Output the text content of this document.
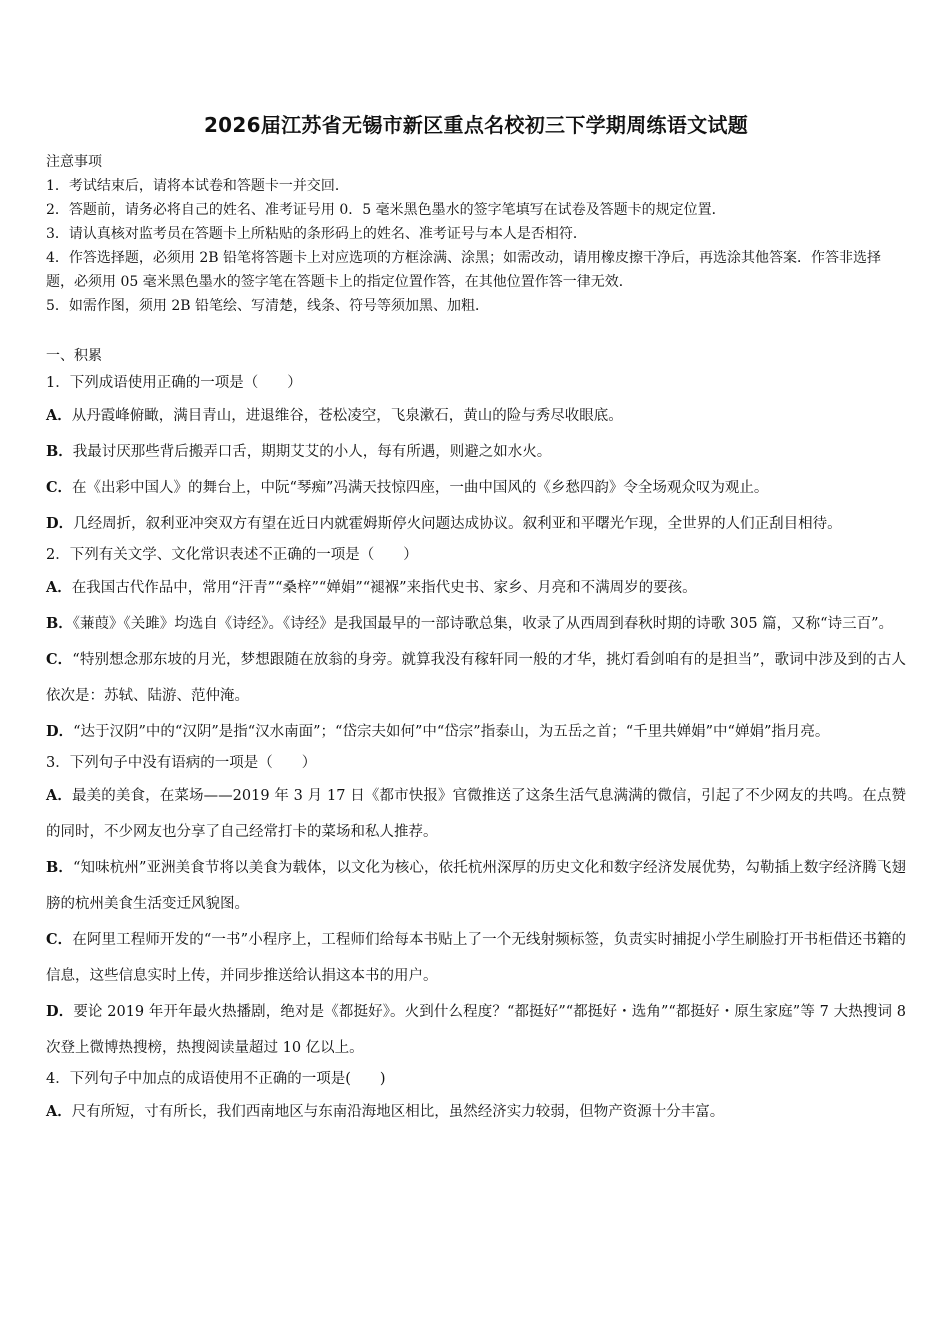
2026届江苏省无锡市新区重点名校初三下学期周练语文试题

注意事项

1．考试结束后，请将本试卷和答题卡一并交回．

2．答题前，请务必将自己的姓名、准考证号用 0．5 毫米黑色墨水的签字笔填写在试卷及答题卡的规定位置．

3．请认真核对监考员在答题卡上所粘贴的条形码上的姓名、准考证号与本人是否相符．

4．作答选择题，必须用 2B 铅笔将答题卡上对应选项的方框涂满、涂黑；如需改动，请用橡皮擦干净后，再选涂其他答案．作答非选择题，必须用 05 毫米黑色墨水的签字笔在答题卡上的指定位置作答，在其他位置作答一律无效．

5．如需作图，须用 2B 铅笔绘、写清楚，线条、符号等须加黑、加粗．

一、积累

1．下列成语使用正确的一项是（　　）

A．从丹霞峰俯瞰，满目青山，进退维谷，苍松凌空，飞泉漱石，黄山的险与秀尽收眼底。

B．我最讨厌那些背后搬弄口舌，期期艾艾的小人，每有所遇，则避之如水火。

C．在《出彩中国人》的舞台上，中阮“琴痴”冯满天技惊四座，一曲中国风的《乡愁四韵》令全场观众叹为观止。

D．几经周折，叙利亚冲突双方有望在近日内就霍姆斯停火问题达成协议。叙利亚和平曙光乍现，全世界的人们正刮目相待。

2．下列有关文学、文化常识表述不正确的一项是（　　）

A．在我国古代作品中，常用“汗青”“桑梓”“婵娟”“褪褓”来指代史书、家乡、月亮和不满周岁的要孩。

B．《蒹葭》《关雎》均选自《诗经》。《诗经》是我国最早的一部诗歌总集，收录了从西周到春秋时期的诗歌 305 篇，又称“诗三百”。

C．“特别想念那东坡的月光，梦想跟随在放翁的身旁。就算我没有稼轩同一般的才华，挑灯看剑咱有的是担当”，歌词中涉及到的古人依次是：苏轼、陆游、范仲淹。

D．“达于汉阴”中的“汉阴”是指“汉水南面”；“岱宗夫如何”中“岱宗”指泰山，为五岳之首；“千里共婵娟”中“婵娟”指月亮。

3．下列句子中没有语病的一项是（　　）

A．最美的美食，在菜场——2019 年 3 月 17 日《都市快报》官微推送了这条生活气息满满的微信，引起了不少网友的共鸣。在点赞的同时，不少网友也分享了自己经常打卡的菜场和私人推荐。

B．“知味杭州”亚洲美食节将以美食为载体，以文化为核心，依托杭州深厚的历史文化和数字经济发展优势，勾勒插上数字经济腾飞翅膀的杭州美食生活变迁风貌图。

C．在阿里工程师开发的“一书”小程序上，工程师们给每本书贴上了一个无线射频标签，负责实时捕捉小学生刷脸打开书柜借还书籍的信息，这些信息实时上传，并同步推送给认捐这本书的用户。

D．要论 2019 年开年最火热播剧，绝对是《都挺好》。火到什么程度？“都挺好”“都挺好・选角”“都挺好・原生家庭”等 7 大热搜词 8 次登上微博热搜榜，热搜阅读量超过 10 亿以上。

4．下列句子中加点的成语使用不正确的一项是(　　)

A．尺有所短，寸有所长，我们西南地区与东南沿海地区相比，虽然经济实力较弱，但物产资源十分丰富。
